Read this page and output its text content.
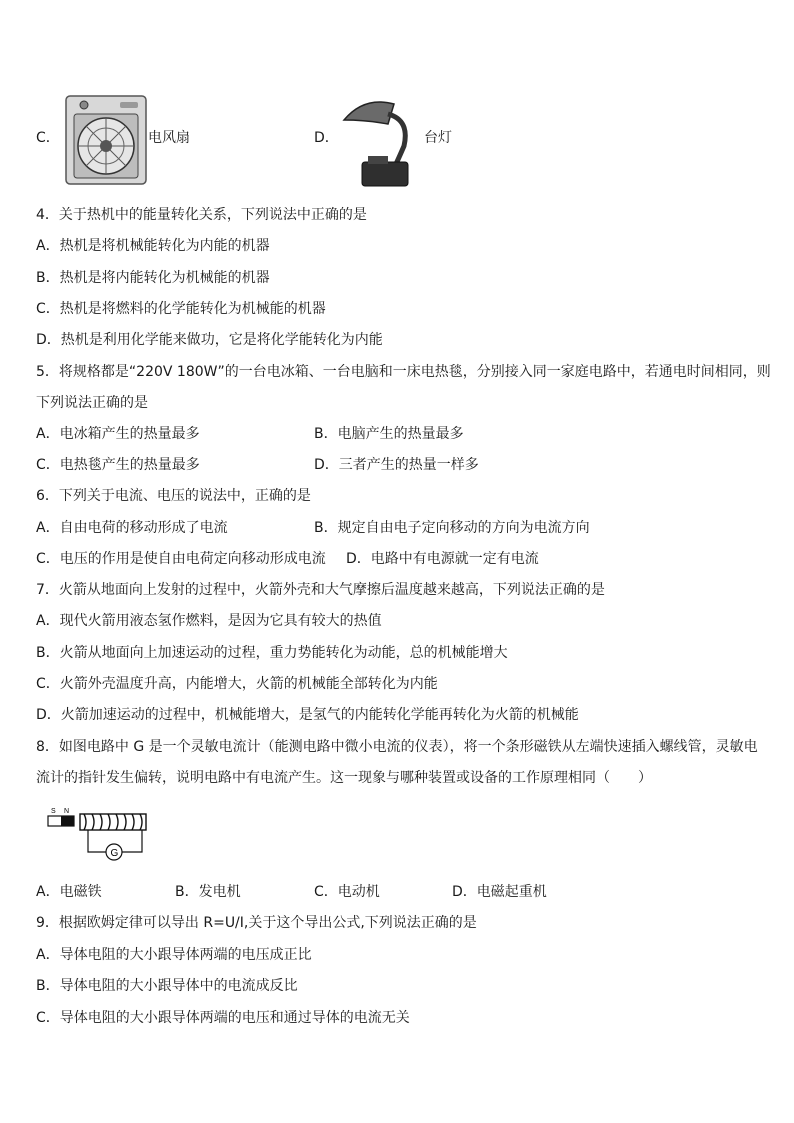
C．	电风扇	D．	台灯
4．关于热机中的能量转化关系，下列说法中正确的是
A．热机是将机械能转化为内能的机器
B．热机是将内能转化为机械能的机器
C．热机是将燃料的化学能转化为机械能的机器
D．热机是利用化学能来做功，它是将化学能转化为内能
5．将规格都是“220V 180W”的一台电冰箱、一台电脑和一床电热毯，分别接入同一家庭电路中，若通电时间相同，则
下列说法正确的是
A．电冰箱产生的热量最多	B．电脑产生的热量最多
C．电热毯产生的热量最多	D．三者产生的热量一样多
6．下列关于电流、电压的说法中，正确的是
A．自由电荷的移动形成了电流	B．规定自由电子定向移动的方向为电流方向
C．电压的作用是使自由电荷定向移动形成电流 D．电路中有电源就一定有电流
7．火箭从地面向上发射的过程中，火箭外壳和大气摩擦后温度越来越高，下列说法正确的是
A．现代火箭用液态氢作燃料，是因为它具有较大的热值
B．火箭从地面向上加速运动的过程，重力势能转化为动能，总的机械能增大
C．火箭外壳温度升高，内能增大，火箭的机械能全部转化为内能
D．火箭加速运动的过程中，机械能增大，是氢气的内能转化学能再转化为火箭的机械能
8．如图电路中 G 是一个灵敏电流计（能测电路中微小电流的仪表），将一个条形磁铁从左端快速插入螺线管，灵敏电
流计的指针发生偏转，说明电路中有电流产生。这一现象与哪种装置或设备的工作原理相同（　　）
S N
G
A．电磁铁	B．发电机	C．电动机	D．电磁起重机
9．根据欧姆定律可以导出 R=U/I,关于这个导出公式,下列说法正确的是
A．导体电阻的大小跟导体两端的电压成正比
B．导体电阻的大小跟导体中的电流成反比
C．导体电阻的大小跟导体两端的电压和通过导体的电流无关
